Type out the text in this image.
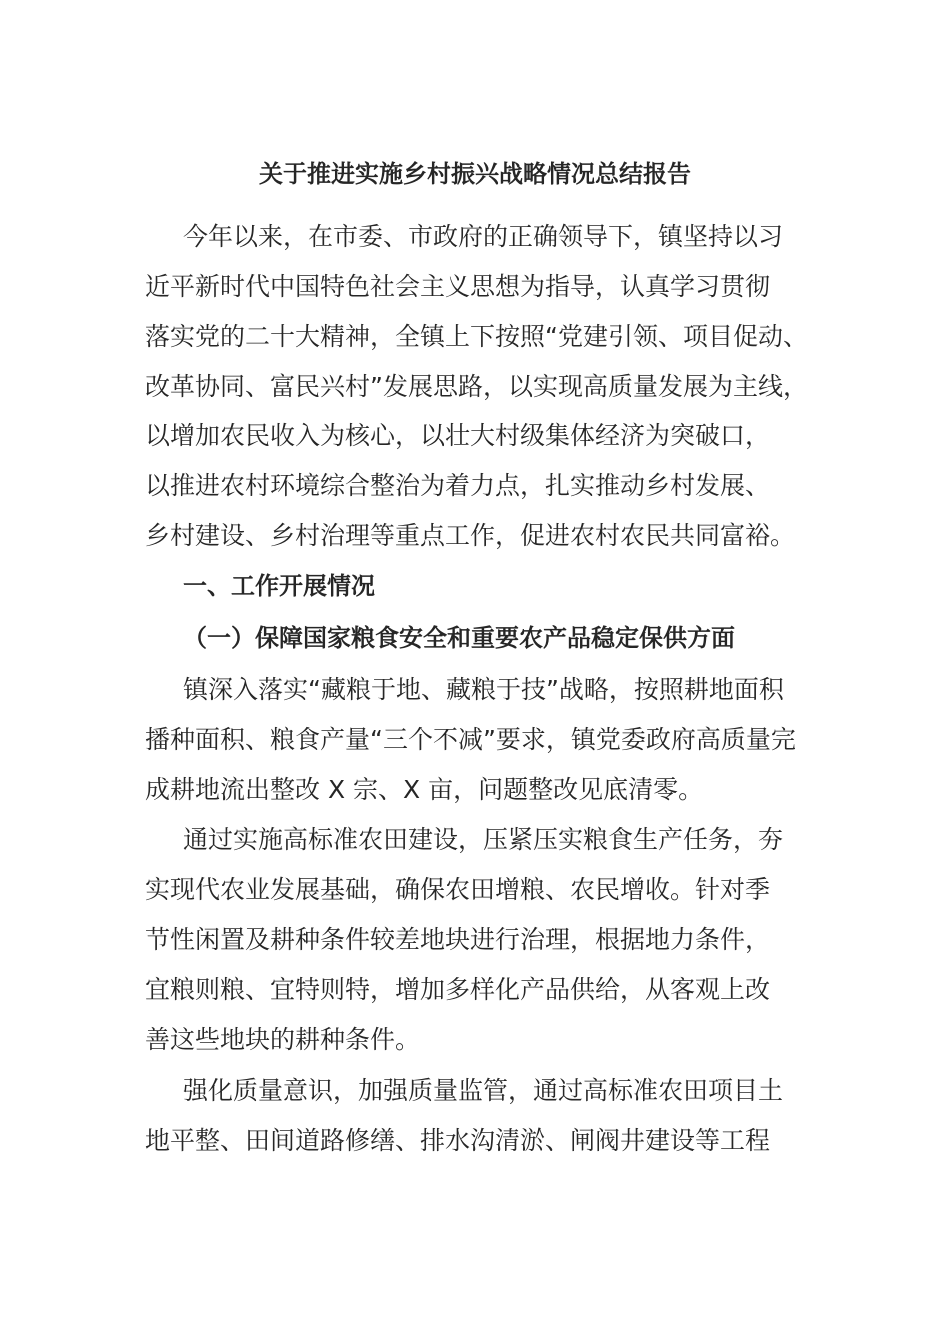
关于推进实施乡村振兴战略情况总结报告
今年以来，在市委、市政府的正确领导下，镇坚持以习
近平新时代中国特色社会主义思想为指导，认真学习贯彻
落实党的二十大精神，全镇上下按照“党建引领、项目促动、
改革协同、富民兴村”发展思路，以实现高质量发展为主线，
以增加农民收入为核心，以壮大村级集体经济为突破口，
以推进农村环境综合整治为着力点，扎实推动乡村发展、
乡村建设、乡村治理等重点工作，促进农村农民共同富裕。
一、工作开展情况
（一）保障国家粮食安全和重要农产品稳定保供方面
镇深入落实“藏粮于地、藏粮于技”战略，按照耕地面积
播种面积、粮食产量“三个不减”要求，镇党委政府高质量完
成耕地流出整改 X 宗、X 亩，问题整改见底清零。
通过实施高标准农田建设，压紧压实粮食生产任务，夯
实现代农业发展基础，确保农田增粮、农民增收。针对季
节性闲置及耕种条件较差地块进行治理，根据地力条件，
宜粮则粮、宜特则特，增加多样化产品供给，从客观上改
善这些地块的耕种条件。
强化质量意识，加强质量监管，通过高标准农田项目土
地平整、田间道路修缮、排水沟清淤、闸阀井建设等工程
